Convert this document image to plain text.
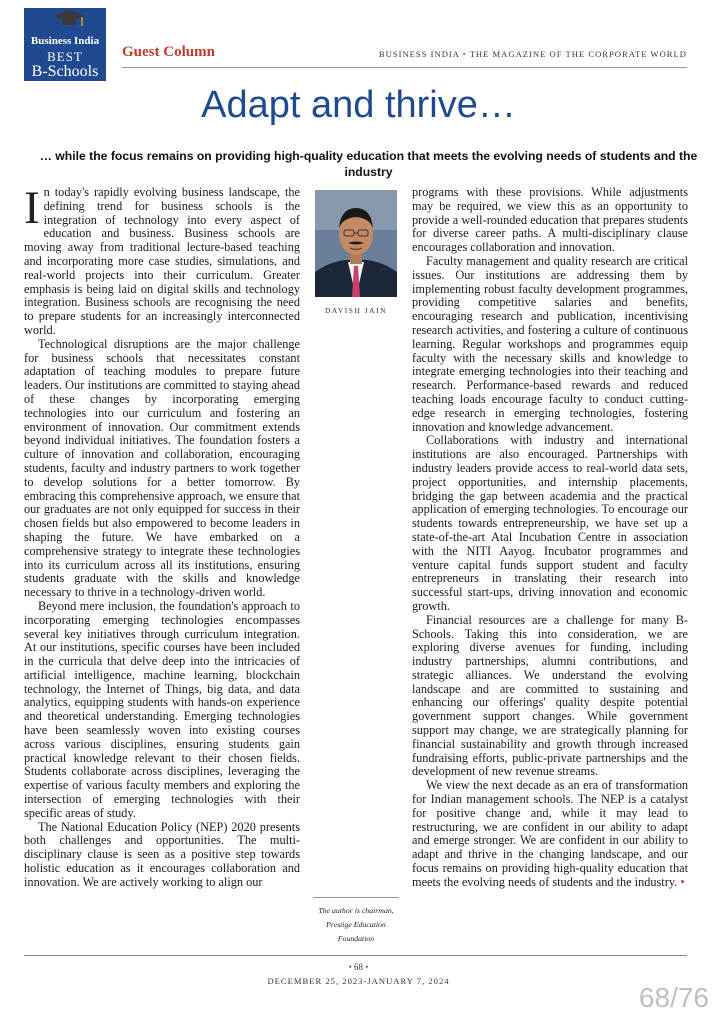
Business India
BEST
B-Schools
Guest Column	BUSINESS INDIA • THE MAGAZINE OF THE CORPORATE WORLD
Adapt and thrive…
… while the focus remains on providing high-quality education that meets the evolving needs of students and the industry

In today's rapidly evolving business landscape, the defining trend for business schools is the integration of technology into every aspect of education and business. Business schools are moving away from traditional lecture-based teaching and incorporating more case studies, simulations, and real-world projects into their curriculum. Greater emphasis is being laid on digital skills and technology integration. Business schools are recognising the need to prepare students for an increasingly interconnected world.

Technological disruptions are the major challenge for business schools that necessitates constant adaptation of teaching modules to prepare future leaders. Our institutions are committed to staying ahead of these changes by incorporating emerging technologies into our curriculum and fostering an environment of innovation. Our commitment extends beyond individual initiatives. The foundation fosters a culture of innovation and collaboration, encouraging students, faculty and industry partners to work together to develop solutions for a better tomorrow. By embracing this comprehensive approach, we ensure that our graduates are not only equipped for success in their chosen fields but also empowered to become leaders in shaping the future. We have embarked on a comprehensive strategy to integrate these technologies into its curriculum across all its institutions, ensuring students graduate with the skills and knowledge necessary to thrive in a technology-driven world.

Beyond mere inclusion, the foundation's approach to incorporating emerging technologies encompasses several key initiatives through curriculum integration. At our institutions, specific courses have been included in the curricula that delve deep into the intricacies of artificial intelligence, machine learning, blockchain technology, the Internet of Things, big data, and data analytics, equipping students with hands-on experience and theoretical understanding. Emerging technologies have been seamlessly woven into existing courses across various disciplines, ensuring students gain practical knowledge relevant to their chosen fields. Students collaborate across disciplines, leveraging the expertise of various faculty members and exploring the intersection of emerging technologies with their specific areas of study.

The National Education Policy (NEP) 2020 presents both challenges and opportunities. The multi-disciplinary clause is seen as a positive step towards holistic education as it encourages collaboration and innovation. We are actively working to align our

DAVISH JAIN

programs with these provisions. While adjustments may be required, we view this as an opportunity to provide a well-rounded education that prepares students for diverse career paths. A multi-disciplinary clause encourages collaboration and innovation.

Faculty management and quality research are critical issues. Our institutions are addressing them by implementing robust faculty development programmes, providing competitive salaries and benefits, encouraging research and publication, incentivising research activities, and fostering a culture of continuous learning. Regular workshops and programmes equip faculty with the necessary skills and knowledge to integrate emerging technologies into their teaching and research. Performance-based rewards and reduced teaching loads encourage faculty to conduct cutting-edge research in emerging technologies, fostering innovation and knowledge advancement.

Collaborations with industry and international institutions are also encouraged. Partnerships with industry leaders provide access to real-world data sets, project opportunities, and internship placements, bridging the gap between academia and the practical application of emerging technologies. To encourage our students towards entrepreneurship, we have set up a state-of-the-art Atal Incubation Centre in association with the NITI Aayog. Incubator programmes and venture capital funds support student and faculty entrepreneurs in translating their research into successful start-ups, driving innovation and economic growth.

Financial resources are a challenge for many B-Schools. Taking this into consideration, we are exploring diverse avenues for funding, including industry partnerships, alumni contributions, and strategic alliances. We understand the evolving landscape and are committed to sustaining and enhancing our offerings' quality despite potential government support changes. While government support may change, we are strategically planning for financial sustainability and growth through increased fundraising efforts, public-private partnerships and the development of new revenue streams.

We view the next decade as an era of transformation for Indian management schools. The NEP is a catalyst for positive change and, while it may lead to restructuring, we are confident in our ability to adapt and emerge stronger. We are confident in our ability to adapt and thrive in the changing landscape, and our focus remains on providing high-quality education that meets the evolving needs of students and the industry. •

The author is chairman,
Prestige Education
Foundation
• 68 •
DECEMBER 25, 2023-JANUARY 7, 2024
68/76
